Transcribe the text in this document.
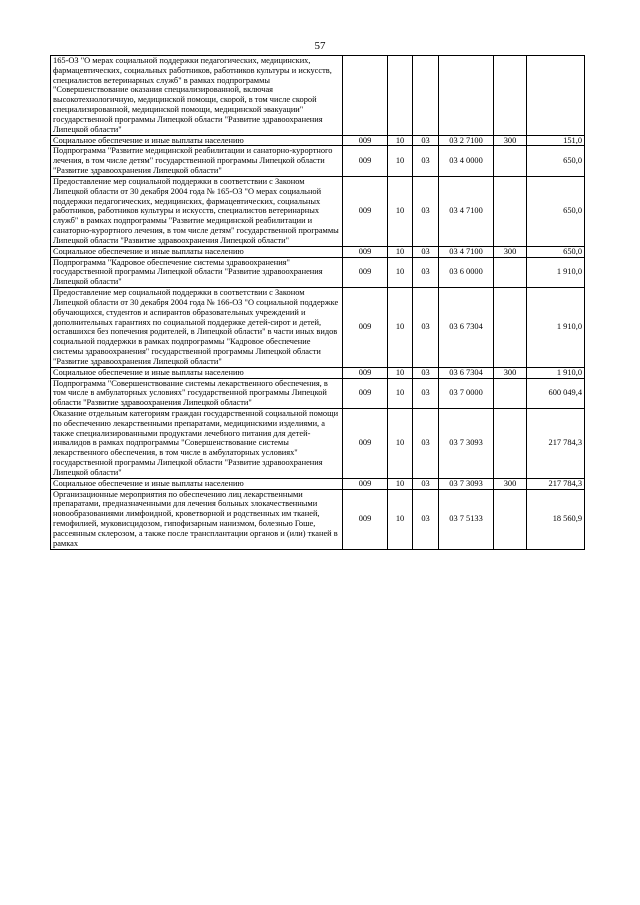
57
165-ОЗ "О мерах социальной поддержки педагогических, медицинских, фармацевтических, социальных работников, работников культуры и искусств, специалистов ветеринарных служб" в рамках подпрограммы "Совершенствование оказания специализированной, включая высокотехнологичную, медицинской помощи, скорой, в том числе скорой специализированной, медицинской помощи, медицинской эвакуации" государственной программы Липецкой области "Развитие здравоохранения Липецкой области"						
Социальное обеспечение и иные выплаты населению	009	10	03	03 2 7100	300	151,0
Подпрограмма "Развитие медицинской реабилитации и санаторно-курортного лечения, в том числе детям" государственной программы Липецкой области "Развитие здравоохранения Липецкой области"	009	10	03	03 4 0000		650,0
Предоставление мер социальной поддержки в соответствии с Законом Липецкой области от 30 декабря 2004 года № 165-ОЗ "О мерах социальной поддержки педагогических, медицинских, фармацевтических, социальных работников, работников культуры и искусств, специалистов ветеринарных служб" в рамках подпрограммы "Развитие медицинской реабилитации и санаторно-курортного лечения, в том числе детям" государственной программы Липецкой области "Развитие здравоохранения Липецкой области"	009	10	03	03 4 7100		650,0
Социальное обеспечение и иные выплаты населению	009	10	03	03 4 7100	300	650,0
Подпрограмма "Кадровое обеспечение системы здравоохранения" государственной программы Липецкой области "Развитие здравоохранения Липецкой области"	009	10	03	03 6 0000		1 910,0
Предоставление мер социальной поддержки в соответствии с Законом Липецкой области от 30 декабря 2004 года № 166-ОЗ "О социальной поддержке обучающихся, студентов и аспирантов образовательных учреждений и дополнительных гарантиях по социальной поддержке детей-сирот и детей, оставшихся без попечения родителей, в Липецкой области" в части иных видов социальной поддержки в рамках подпрограммы "Кадровое обеспечение системы здравоохранения" государственной программы Липецкой области "Развитие здравоохранения Липецкой области"	009	10	03	03 6 7304		1 910,0
Социальное обеспечение и иные выплаты населению	009	10	03	03 6 7304	300	1 910,0
Подпрограмма "Совершенствование системы лекарственного обеспечения, в том числе в амбулаторных условиях" государственной программы Липецкой области "Развитие здравоохранения Липецкой области"	009	10	03	03 7 0000		600 049,4
Оказание отдельным категориям граждан государственной социальной помощи по обеспечению лекарственными препаратами, медицинскими изделиями, а также специализированными продуктами лечебного питания для детей-инвалидов в рамках подпрограммы "Совершенствование системы лекарственного обеспечения, в том числе в амбулаторных условиях" государственной программы Липецкой области "Развитие здравоохранения Липецкой области"	009	10	03	03 7 3093		217 784,3
Социальное обеспечение и иные выплаты населению	009	10	03	03 7 3093	300	217 784,3
Организационные мероприятия по обеспечению лиц лекарственными препаратами, предназначенными для лечения больных злокачественными новообразованиями лимфоидной, кроветворной и родственных им тканей, гемофилией, муковисцидозом, гипофизарным нанизмом, болезнью Гоше, рассеянным склерозом, а также после трансплантации органов и (или) тканей в рамках	009	10	03	03 7 5133		18 560,9
